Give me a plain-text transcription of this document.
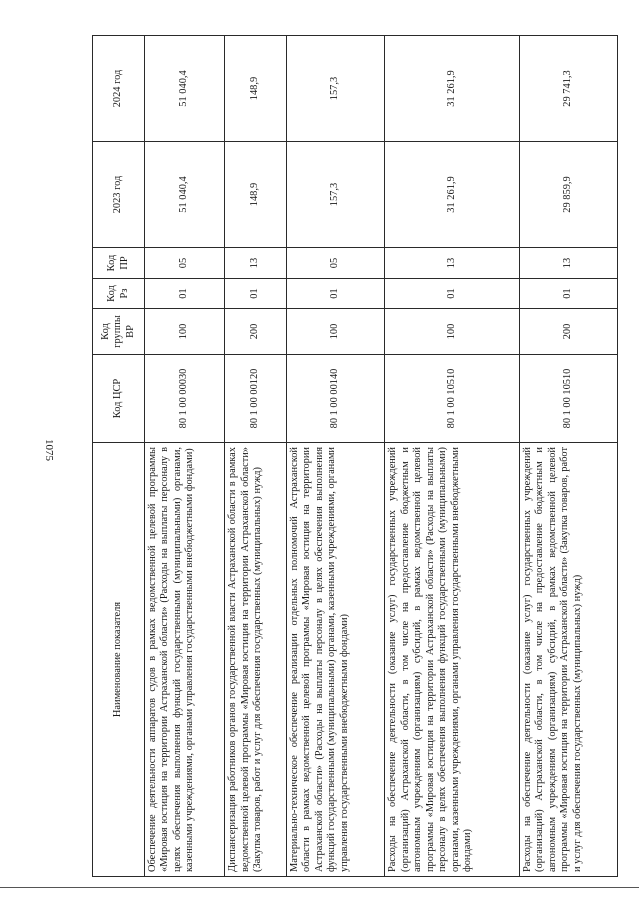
1075
Наименование показателя	Код ЦСР	Код группы ВР	Код Рз	Код ПР	2023 год	2024 год
Обеспечение деятельности аппаратов судов в рамках ведомственной целевой программы «Мировая юстиция на территории Астраханской области» (Расходы на выплаты персоналу в целях обеспечения выполнения функций государственными (муниципальными) органами, казенными учреждениями, органами управления государственными внебюджетными фондами)	80 1 00 00030	100	01	05	51 040,4	51 040,4
Диспансеризация работников органов государственной власти Астраханской области в рамках ведомственной целевой программы «Мировая юстиция на территории Астраханской области» (Закупка товаров, работ и услуг для обеспечения государственных (муниципальных) нужд)	80 1 00 00120	200	01	13	148,9	148,9
Материально-техническое обеспечение реализации отдельных полномочий Астраханской области в рамках ведомственной целевой программы «Мировая юстиция на территории Астраханской области» (Расходы на выплаты персоналу в целях обеспечения выполнения функций государственными (муниципальными) органами, казенными учреждениями, органами управления государственными внебюджетными фондами)	80 1 00 00140	100	01	05	157,3	157,3
Расходы на обеспечение деятельности (оказание услуг) государственных учреждений (организаций) Астраханской области, в том числе на предоставление бюджетным и автономным учреждениям (организациям) субсидий, в рамках ведомственной целевой программы «Мировая юстиция на территории Астраханской области» (Расходы на выплаты персоналу в целях обеспечения выполнения функций государственными (муниципальными) органами, казенными учреждениями, органами управления государственными внебюджетными фондами)	80 1 00 10510	100	01	13	31 261,9	31 261,9
Расходы на обеспечение деятельности (оказание услуг) государственных учреждений (организаций) Астраханской области, в том числе на предоставление бюджетным и автономным учреждениям (организациям) субсидий, в рамках ведомственной целевой программы «Мировая юстиция на территории Астраханской области» (Закупка товаров, работ и услуг для обеспечения государственных (муниципальных) нужд)	80 1 00 10510	200	01	13	29 859,9	29 741,3
